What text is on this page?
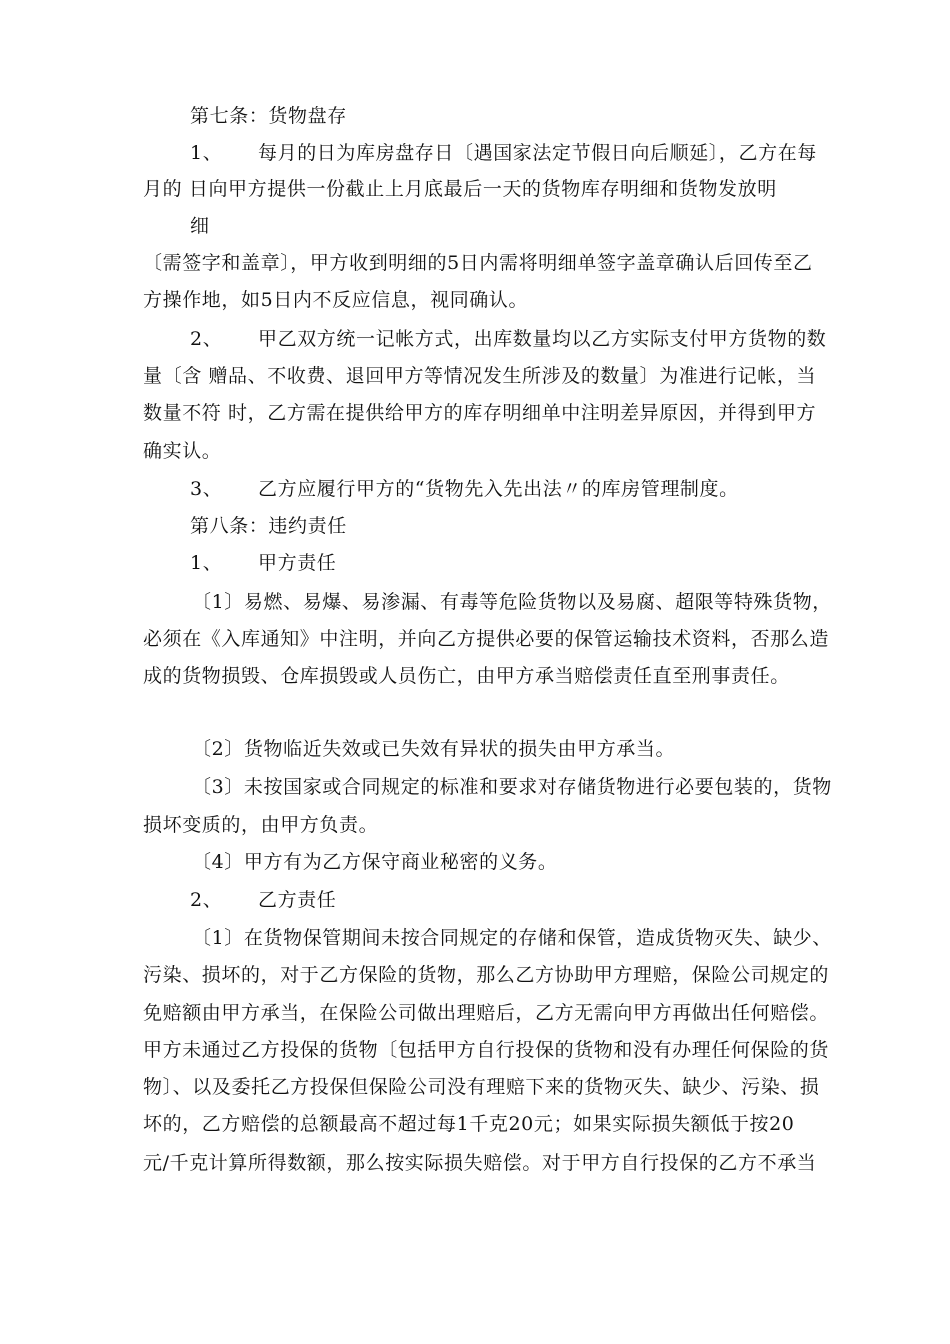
第七条：货物盘存
1、 每月的日为库房盘存日〔遇国家法定节假日向后顺延〕，乙方在每
月的 日向甲方提供一份截止上月底最后一天的货物库存明细和货物发放明
细
〔需签字和盖章〕，甲方收到明细的5日内需将明细单签字盖章确认后回传至乙
方操作地，如5日内不反应信息，视同确认。
2、 甲乙双方统一记帐方式，出库数量均以乙方实际支付甲方货物的数
量〔含 赠品、不收费、退回甲方等情况发生所涉及的数量〕为准进行记帐，当
数量不符 时，乙方需在提供给甲方的库存明细单中注明差异原因，并得到甲方
确实认。
3、 乙方应履行甲方的“货物先入先出法〃的库房管理制度。
第八条：违约责任
1、 甲方责任
〔1〕易燃、易爆、易渗漏、有毒等危险货物以及易腐、超限等特殊货物，
必须在《入库通知》中注明，并向乙方提供必要的保管运输技术资料，否那么造
成的货物损毁、仓库损毁或人员伤亡，由甲方承当赔偿责任直至刑事责任。
〔2〕货物临近失效或已失效有异状的损失由甲方承当。
〔3〕未按国家或合同规定的标准和要求对存储货物进行必要包装的，货物
损坏变质的，由甲方负责。
〔4〕甲方有为乙方保守商业秘密的义务。
2、 乙方责任
〔1〕在货物保管期间未按合同规定的存储和保管，造成货物灭失、缺少、
污染、损坏的，对于乙方保险的货物，那么乙方协助甲方理赔，保险公司规定的
免赔额由甲方承当，在保险公司做出理赔后，乙方无需向甲方再做出任何赔偿。
甲方未通过乙方投保的货物〔包括甲方自行投保的货物和没有办理任何保险的货
物〕、以及委托乙方投保但保险公司没有理赔下来的货物灭失、缺少、污染、损
坏的，乙方赔偿的总额最高不超过每1千克20元；如果实际损失额低于按20
元/千克计算所得数额，那么按实际损失赔偿。对于甲方自行投保的乙方不承当
